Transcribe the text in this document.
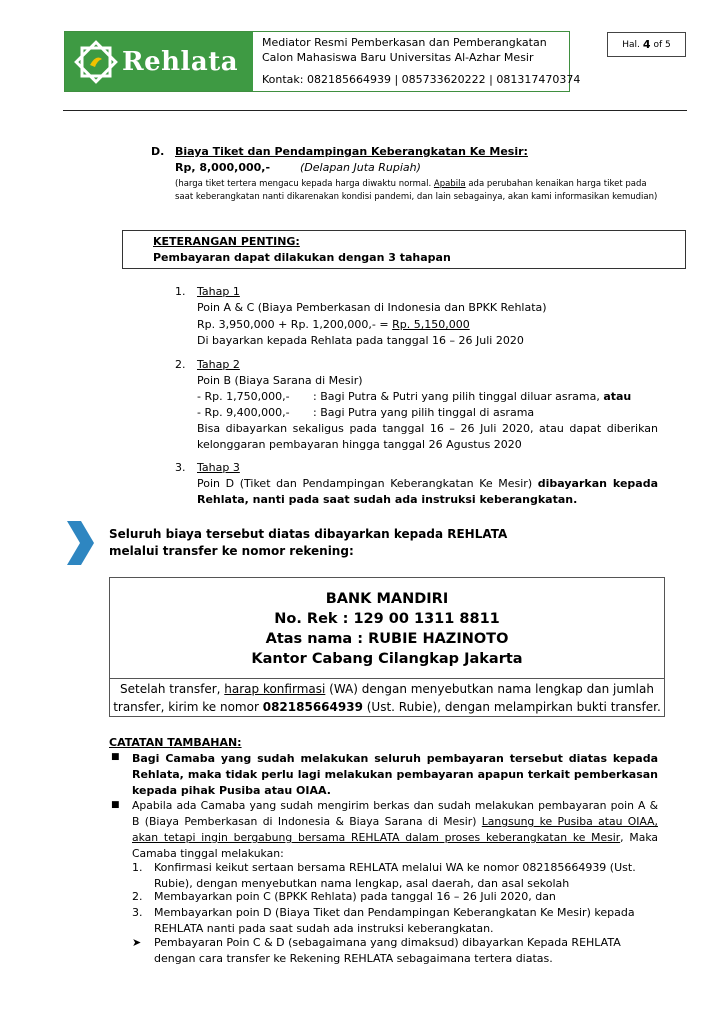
Rehlata
Mediator Resmi Pemberkasan dan Pemberangkatan
Calon Mahasiswa Baru Universitas Al-Azhar Mesir
Kontak: 082185664939 | 085733620222 | 081317470374
Hal. 4 of 5
D. Biaya Tiket dan Pendampingan Keberangkatan Ke Mesir:
Rp, 8,000,000,-	(Delapan Juta Rupiah)
(harga tiket tertera mengacu kepada harga diwaktu normal. Apabila ada perubahan kenaikan harga tiket pada
saat keberangkatan nanti dikarenakan kondisi pandemi, dan lain sebagainya, akan kami informasikan kemudian)
KETERANGAN PENTING:
Pembayaran dapat dilakukan dengan 3 tahapan
1. Tahap 1
Poin A & C (Biaya Pemberkasan di Indonesia dan BPKK Rehlata)
Rp. 3,950,000 + Rp. 1,200,000,- = Rp. 5,150,000
Di bayarkan kepada Rehlata pada tanggal 16 – 26 Juli 2020
2. Tahap 2
Poin B (Biaya Sarana di Mesir)
- Rp. 1,750,000,- : Bagi Putra & Putri yang pilih tinggal diluar asrama, atau
- Rp. 9,400,000,- : Bagi Putra yang pilih tinggal di asrama
Bisa dibayarkan sekaligus pada tanggal 16 – 26 Juli 2020, atau dapat diberikan kelonggaran pembayaran hingga tanggal 26 Agustus 2020
3. Tahap 3
Poin D (Tiket dan Pendampingan Keberangkatan Ke Mesir) dibayarkan kepada Rehlata, nanti pada saat sudah ada instruksi keberangkatan.
Seluruh biaya tersebut diatas dibayarkan kepada REHLATA
melalui transfer ke nomor rekening:
BANK MANDIRI
No. Rek : 129 00 1311 8811
Atas nama : RUBIE HAZINOTO
Kantor Cabang Cilangkap Jakarta
Setelah transfer, harap konfirmasi (WA) dengan menyebutkan nama lengkap dan jumlah
transfer, kirim ke nomor 082185664939 (Ust. Rubie), dengan melampirkan bukti transfer.
CATATAN TAMBAHAN:
■ Bagi Camaba yang sudah melakukan seluruh pembayaran tersebut diatas kepada Rehlata, maka tidak perlu lagi melakukan pembayaran apapun terkait pemberkasan kepada pihak Pusiba atau OIAA.
■ Apabila ada Camaba yang sudah mengirim berkas dan sudah melakukan pembayaran poin A & B (Biaya Pemberkasan di Indonesia & Biaya Sarana di Mesir) Langsung ke Pusiba atau OIAA, akan tetapi ingin bergabung bersama REHLATA dalam proses keberangkatan ke Mesir, Maka Camaba tinggal melakukan:
1. Konfirmasi keikut sertaan bersama REHLATA melalui WA ke nomor 082185664939 (Ust. Rubie), dengan menyebutkan nama lengkap, asal daerah, dan asal sekolah
2. Membayarkan poin C (BPKK Rehlata) pada tanggal 16 – 26 Juli 2020, dan
3. Membayarkan poin D (Biaya Tiket dan Pendampingan Keberangkatan Ke Mesir) kepada REHLATA nanti pada saat sudah ada instruksi keberangkatan.
➤ Pembayaran Poin C & D (sebagaimana yang dimaksud) dibayarkan Kepada REHLATA dengan cara transfer ke Rekening REHLATA sebagaimana tertera diatas.
